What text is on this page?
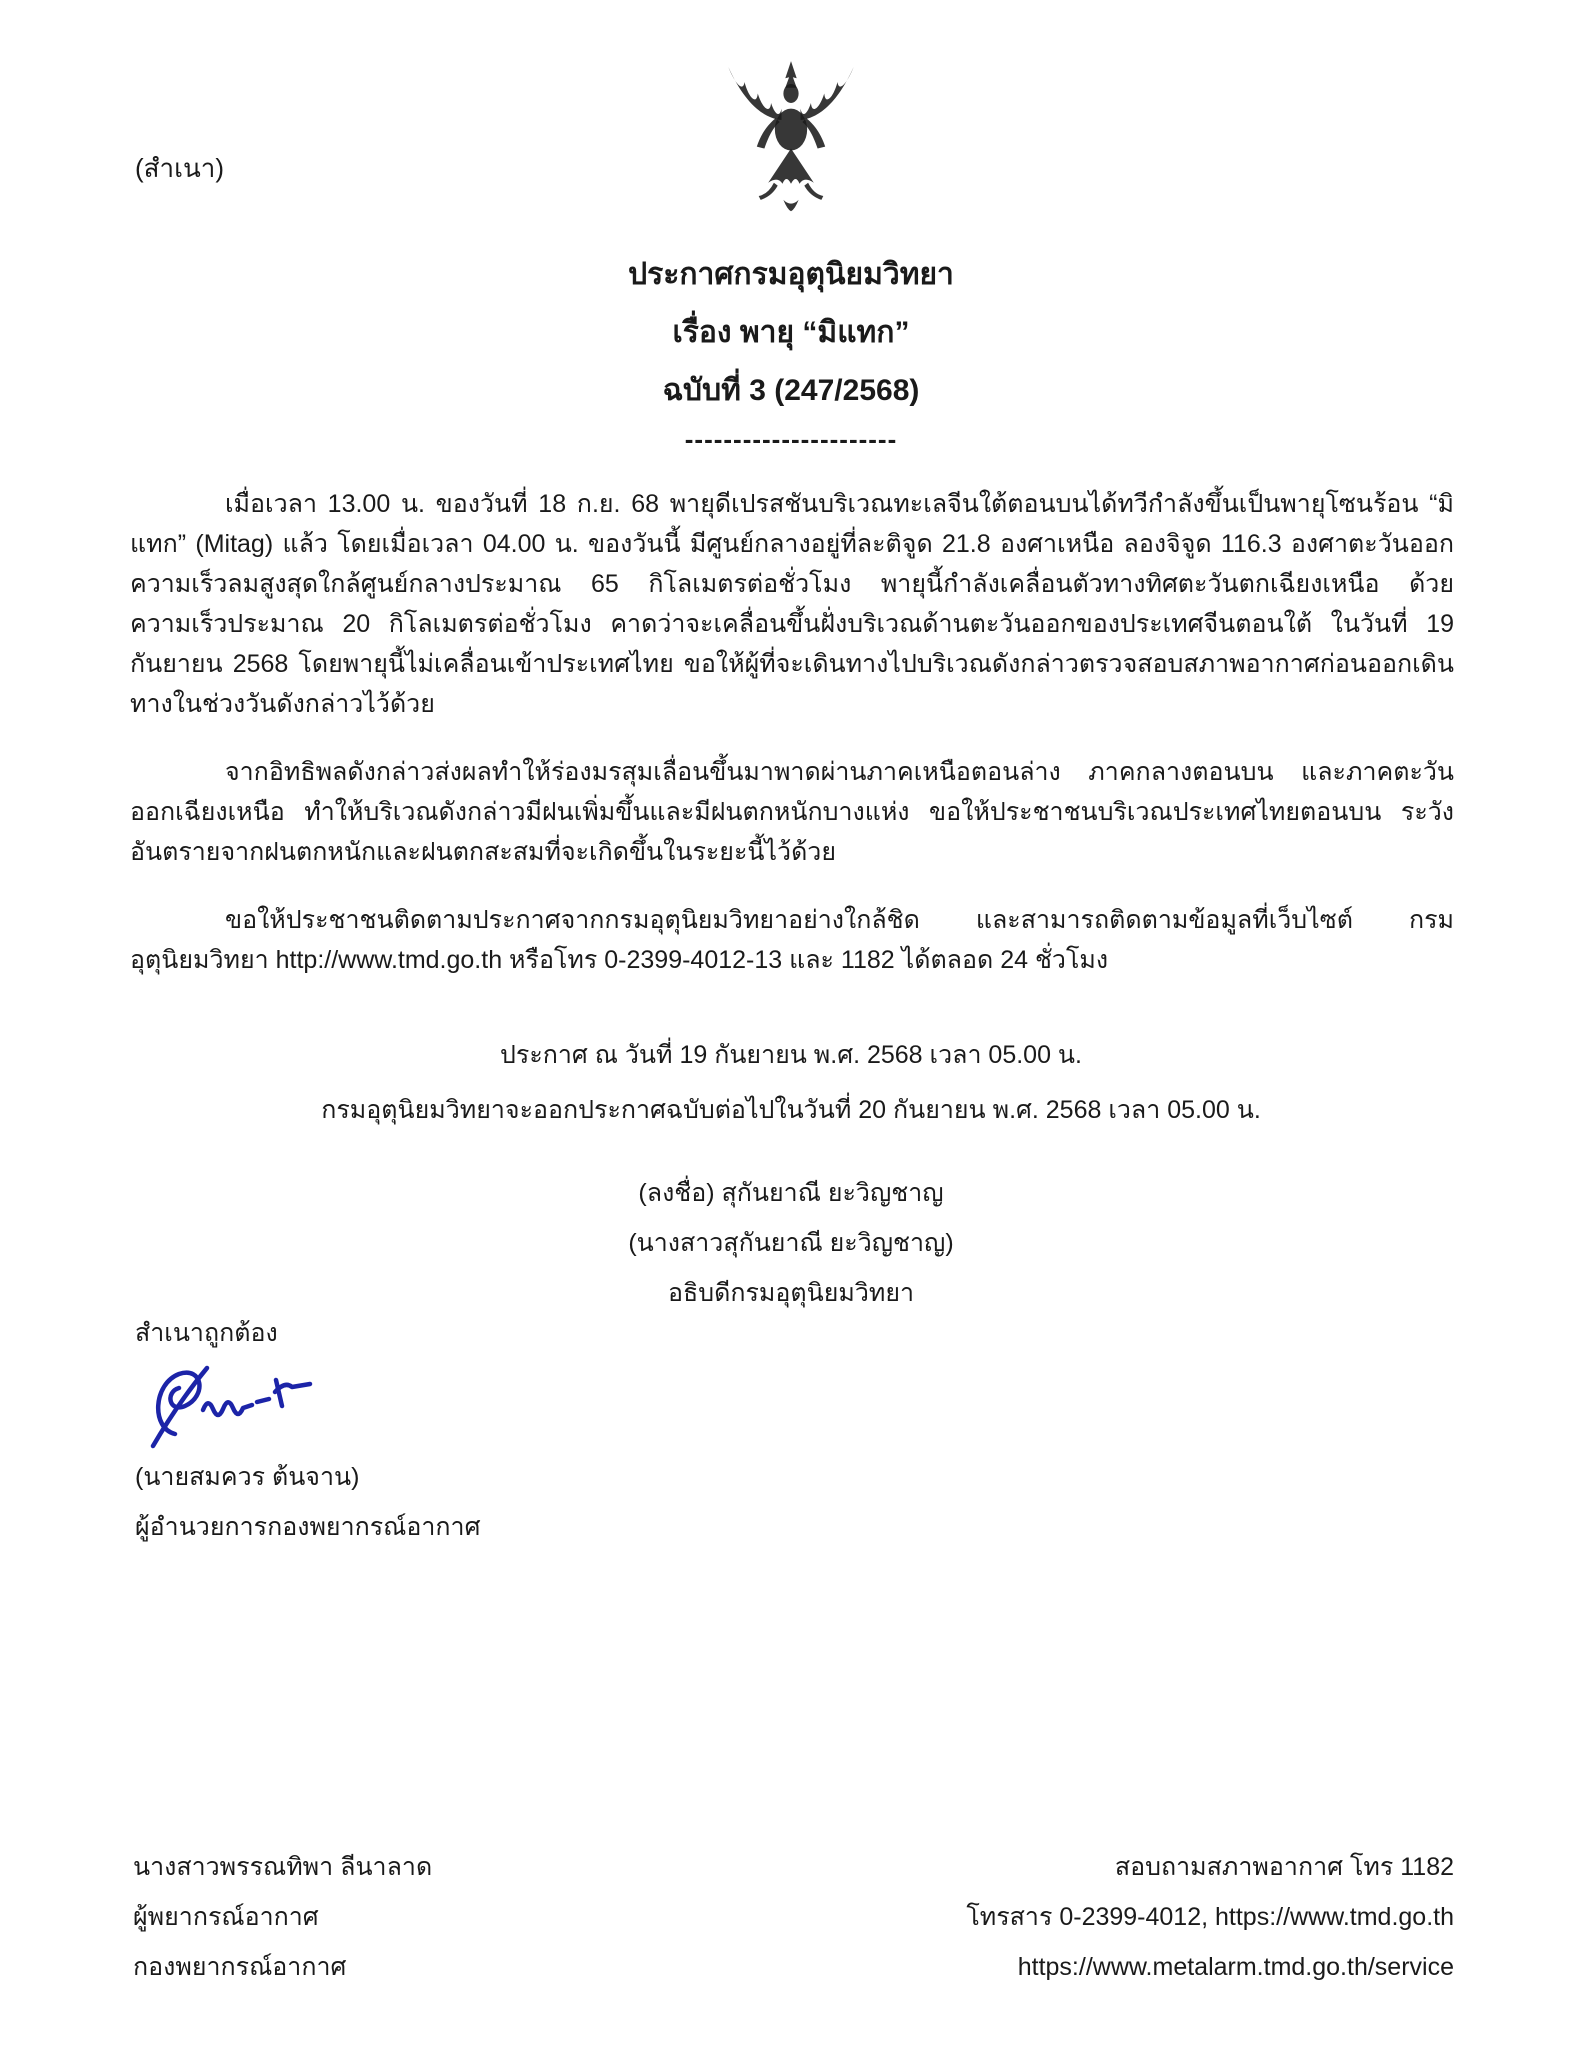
(สำเนา)
ประกาศกรมอุตุนิยมวิทยา
เรื่อง พายุ “มิแทก”
ฉบับที่ 3 (247/2568)
----------------------

เมื่อเวลา 13.00 น. ของวันที่ 18 ก.ย. 68 พายุดีเปรสชันบริเวณทะเลจีนใต้ตอนบนได้ทวีกำลังขึ้นเป็นพายุโซนร้อน “มิแทก” (Mitag) แล้ว โดยเมื่อเวลา 04.00 น. ของวันนี้ มีศูนย์กลางอยู่ที่ละติจูด 21.8 องศาเหนือ ลองจิจูด 116.3 องศาตะวันออก ความเร็วลมสูงสุดใกล้ศูนย์กลางประมาณ 65 กิโลเมตรต่อชั่วโมง พายุนี้กำลังเคลื่อนตัวทางทิศตะวันตกเฉียงเหนือ ด้วยความเร็วประมาณ 20 กิโลเมตรต่อชั่วโมง คาดว่าจะเคลื่อนขึ้นฝั่งบริเวณด้านตะวันออกของประเทศจีนตอนใต้ ในวันที่ 19 กันยายน 2568 โดยพายุนี้ไม่เคลื่อนเข้าประเทศไทย ขอให้ผู้ที่จะเดินทางไปบริเวณดังกล่าวตรวจสอบสภาพอากาศก่อนออกเดินทางในช่วงวันดังกล่าวไว้ด้วย

จากอิทธิพลดังกล่าวส่งผลทำให้ร่องมรสุมเลื่อนขึ้นมาพาดผ่านภาคเหนือตอนล่าง ภาคกลางตอนบน และภาคตะวันออกเฉียงเหนือ ทำให้บริเวณดังกล่าวมีฝนเพิ่มขึ้นและมีฝนตกหนักบางแห่ง ขอให้ประชาชนบริเวณประเทศไทยตอนบน ระวังอันตรายจากฝนตกหนักและฝนตกสะสมที่จะเกิดขึ้นในระยะนี้ไว้ด้วย

ขอให้ประชาชนติดตามประกาศจากกรมอุตุนิยมวิทยาอย่างใกล้ชิด และสามารถติดตามข้อมูลที่เว็บไซต์ กรมอุตุนิยมวิทยา http://www.tmd.go.th หรือโทร 0-2399-4012-13 และ 1182 ได้ตลอด 24 ชั่วโมง

ประกาศ ณ วันที่ 19 กันยายน พ.ศ. 2568 เวลา 05.00 น.
กรมอุตุนิยมวิทยาจะออกประกาศฉบับต่อไปในวันที่ 20 กันยายน พ.ศ. 2568 เวลา 05.00 น.
(ลงชื่อ) สุกันยาณี ยะวิญชาญ
(นางสาวสุกันยาณี ยะวิญชาญ)
อธิบดีกรมอุตุนิยมวิทยา
สำเนาถูกต้อง
(นายสมควร ต้นจาน)
ผู้อำนวยการกองพยากรณ์อากาศ
นางสาวพรรณทิพา ลีนาลาด
ผู้พยากรณ์อากาศ
กองพยากรณ์อากาศ
สอบถามสภาพอากาศ โทร 1182
โทรสาร 0-2399-4012, https://www.tmd.go.th
https://www.metalarm.tmd.go.th/service
